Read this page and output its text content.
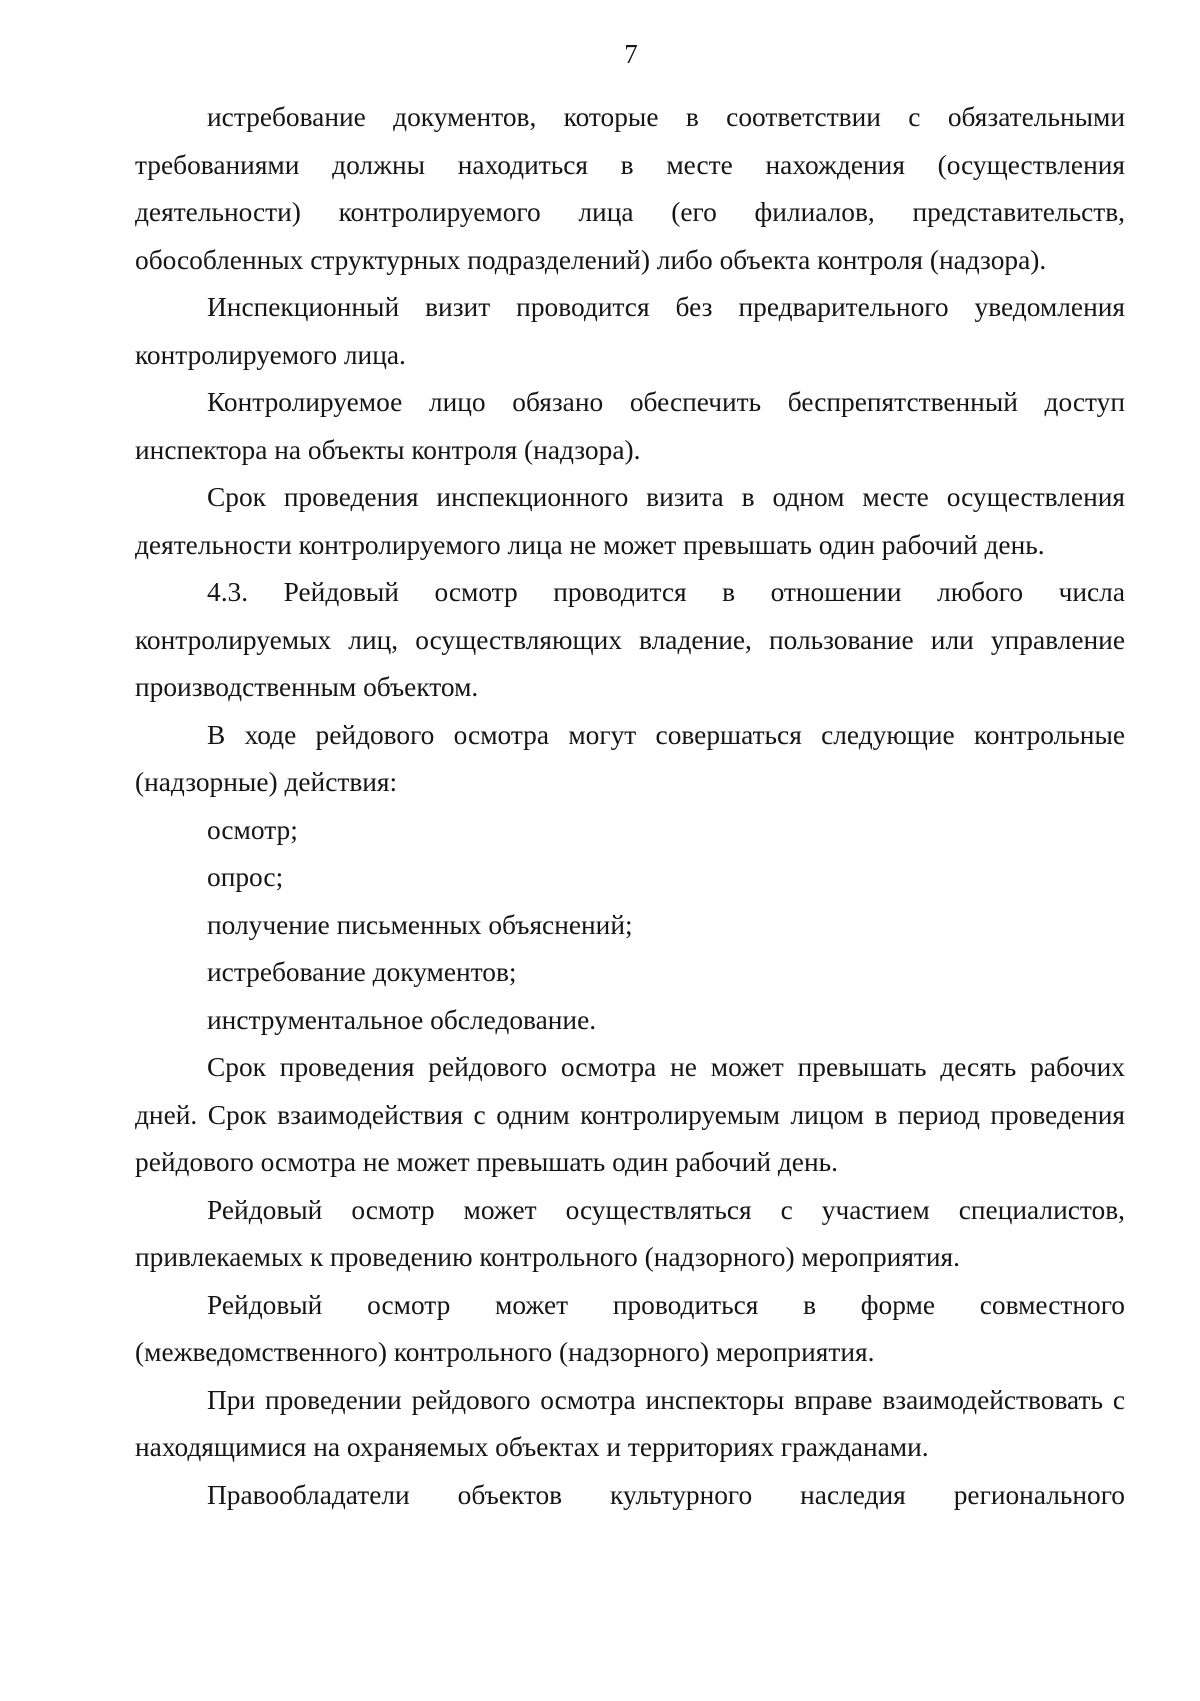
7

истребование документов, которые в соответствии с обязательными требованиями должны находиться в месте нахождения (осуществления деятельности) контролируемого лица (его филиалов, представительств, обособленных структурных подразделений) либо объекта контроля (надзора).

Инспекционный визит проводится без предварительного уведомления контролируемого лица.

Контролируемое лицо обязано обеспечить беспрепятственный доступ инспектора на объекты контроля (надзора).

Срок проведения инспекционного визита в одном месте осуществления деятельности контролируемого лица не может превышать один рабочий день.

4.3. Рейдовый осмотр проводится в отношении любого числа контролируемых лиц, осуществляющих владение, пользование или управление производственным объектом.

В ходе рейдового осмотра могут совершаться следующие контрольные (надзорные) действия:

осмотр;

опрос;

получение письменных объяснений;

истребование документов;

инструментальное обследование.

Срок проведения рейдового осмотра не может превышать десять рабочих дней. Срок взаимодействия с одним контролируемым лицом в период проведения рейдового осмотра не может превышать один рабочий день.

Рейдовый осмотр может осуществляться с участием специалистов, привлекаемых к проведению контрольного (надзорного) мероприятия.

Рейдовый осмотр может проводиться в форме совместного (межведомственного) контрольного (надзорного) мероприятия.

При проведении рейдового осмотра инспекторы вправе взаимодействовать с находящимися на охраняемых объектах и территориях гражданами.

Правообладатели объектов культурного наследия регионального
